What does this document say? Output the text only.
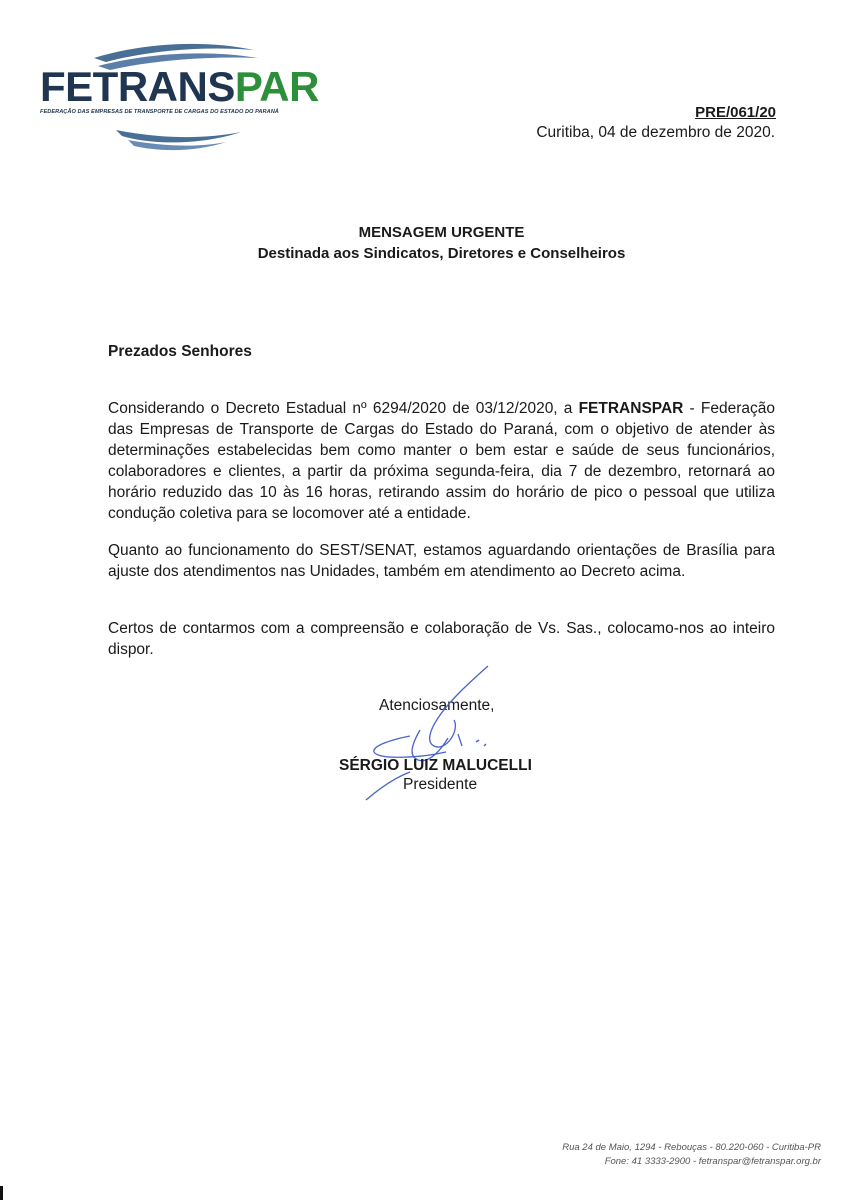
FETRANSPAR
FEDERAÇÃO DAS EMPRESAS DE TRANSPORTE DE CARGAS DO ESTADO DO PARANÁ	PRE/061/20
Curitiba, 04 de dezembro de 2020.
MENSAGEM URGENTE
Destinada aos Sindicatos, Diretores e Conselheiros
Prezados Senhores

Considerando o Decreto Estadual nº 6294/2020 de 03/12/2020, a FETRANSPAR - Federação das Empresas de Transporte de Cargas do Estado do Paraná, com o objetivo de atender às determinações estabelecidas bem como manter o bem estar e saúde de seus funcionários, colaboradores e clientes, a partir da próxima segunda-feira, dia 7 de dezembro, retornará ao horário reduzido das 10 às 16 horas, retirando assim do horário de pico o pessoal que utiliza condução coletiva para se locomover até a entidade.

Quanto ao funcionamento do SEST/SENAT, estamos aguardando orientações de Brasília para ajuste dos atendimentos nas Unidades, também em atendimento ao Decreto acima.

Certos de contarmos com a compreensão e colaboração de Vs. Sas., colocamo-nos ao inteiro dispor.

Atenciosamente,
SÉRGIO LUIZ MALUCELLI
Presidente
Rua 24 de Maio, 1294 - Rebouças - 80.220-060 - Curitiba-PR
Fone: 41 3333-2900 - fetranspar@fetranspar.org.br
